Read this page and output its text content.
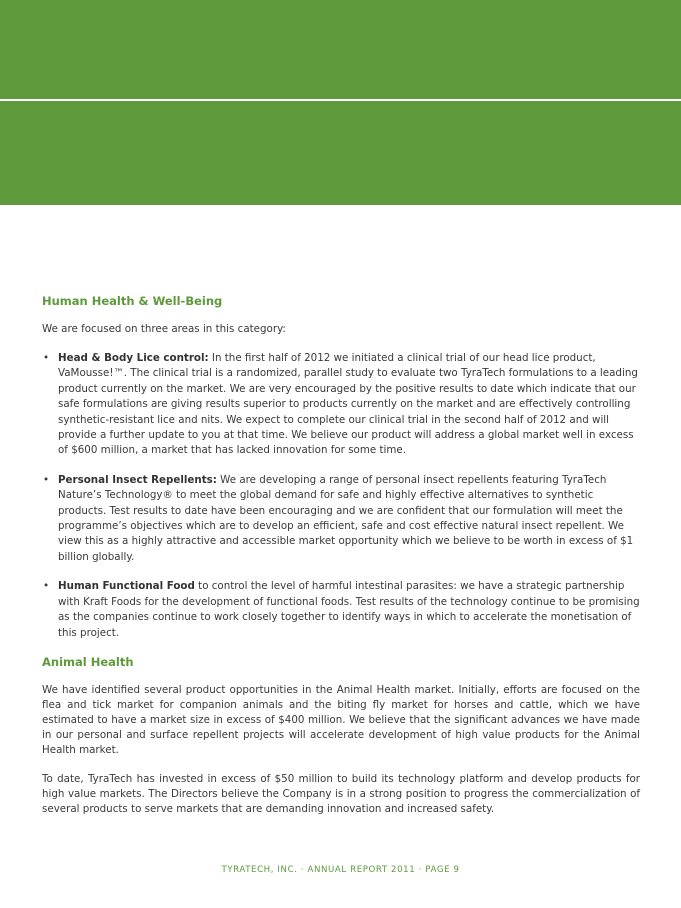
Human Health & Well-Being

We are focused on three areas in this category:

• Head & Body Lice control: In the first half of 2012 we initiated a clinical trial of our head lice product, VaMousse!™. The clinical trial is a randomized, parallel study to evaluate two TyraTech formulations to a leading product currently on the market. We are very encouraged by the positive results to date which indicate that our safe formulations are giving results superior to products currently on the market and are effectively controlling synthetic-resistant lice and nits. We expect to complete our clinical trial in the second half of 2012 and will provide a further update to you at that time. We believe our product will address a global market well in excess of $600 million, a market that has lacked innovation for some time.
• Personal Insect Repellents: We are developing a range of personal insect repellents featuring TyraTech Nature’s Technology® to meet the global demand for safe and highly effective alternatives to synthetic products. Test results to date have been encouraging and we are confident that our formulation will meet the programme’s objectives which are to develop an efficient, safe and cost effective natural insect repellent. We view this as a highly attractive and accessible market opportunity which we believe to be worth in excess of $1 billion globally.
• Human Functional Food to control the level of harmful intestinal parasites: we have a strategic partnership with Kraft Foods for the development of functional foods. Test results of the technology continue to be promising as the companies continue to work closely together to identify ways in which to accelerate the monetisation of this project.
Animal Health

We have identified several product opportunities in the Animal Health market. Initially, efforts are focused on the flea and tick market for companion animals and the biting fly market for horses and cattle, which we have estimated to have a market size in excess of $400 million. We believe that the significant advances we have made in our personal and surface repellent projects will accelerate development of high value products for the Animal Health market.

To date, TyraTech has invested in excess of $50 million to build its technology platform and develop products for high value markets. The Directors believe the Company is in a strong position to progress the commercialization of several products to serve markets that are demanding innovation and increased safety.

TYRATECH, INC. · ANNUAL REPORT 2011 · PAGE 9
